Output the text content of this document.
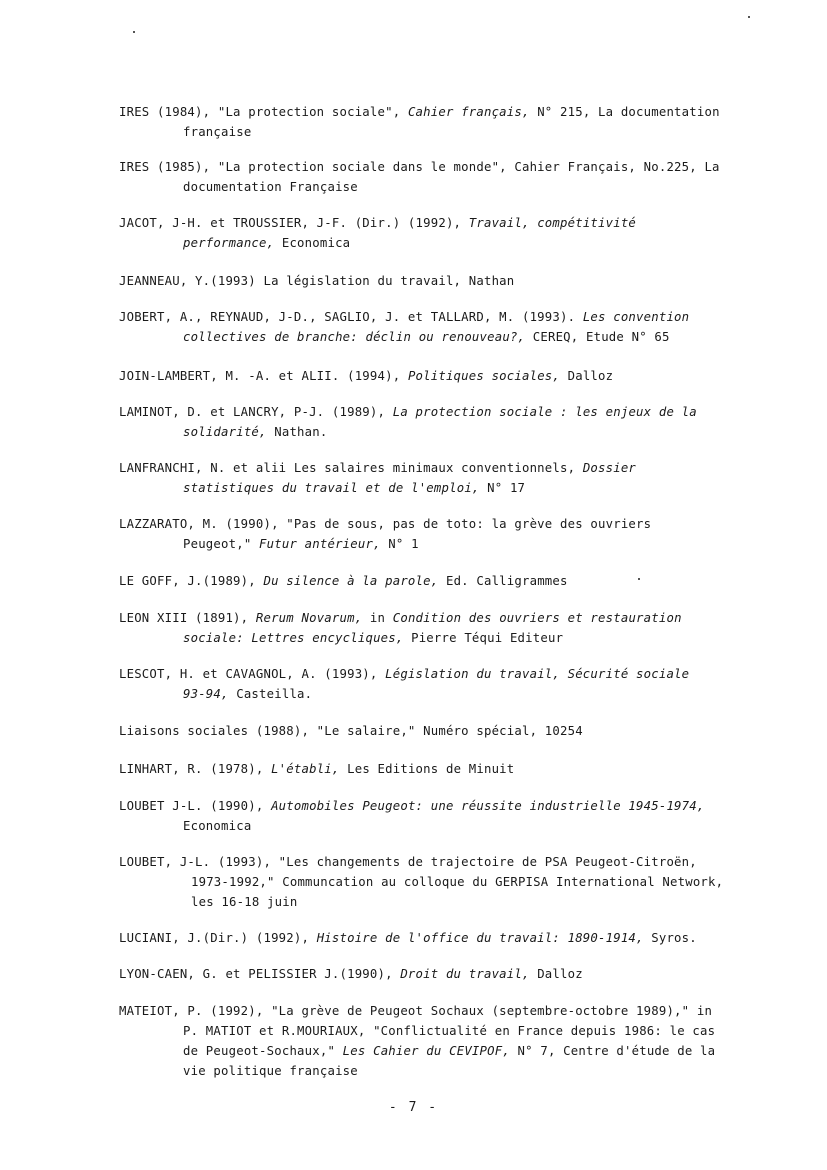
IRES (1984), "La protection sociale", Cahier français, N° 215, La documentation
française
IRES (1985), "La protection sociale dans le monde", Cahier Français, No.225, La
documentation Française
JACOT, J-H. et TROUSSIER, J-F. (Dir.) (1992), Travail, compétitivité
performance, Economica
JEANNEAU, Y.(1993) La législation du travail, Nathan
JOBERT, A., REYNAUD, J-D., SAGLIO, J. et TALLARD, M. (1993). Les convention
collectives de branche: déclin ou renouveau?, CEREQ, Etude N° 65
JOIN-LAMBERT, M. -A. et ALII. (1994), Politiques sociales, Dalloz
LAMINOT, D. et LANCRY, P-J. (1989), La protection sociale : les enjeux de la
solidarité, Nathan.
LANFRANCHI, N. et alii Les salaires minimaux conventionnels, Dossier
statistiques du travail et de l'emploi, N° 17
LAZZARATO, M. (1990), "Pas de sous, pas de toto: la grève des ouvriers
Peugeot," Futur antérieur, N° 1
LE GOFF, J.(1989), Du silence à la parole, Ed. Calligrammes
LEON XIII (1891), Rerum Novarum, in Condition des ouvriers et restauration
sociale: Lettres encycliques, Pierre Téqui Editeur
LESCOT, H. et CAVAGNOL, A. (1993), Législation du travail, Sécurité sociale
93-94, Casteilla.
Liaisons sociales (1988), "Le salaire," Numéro spécial, 10254
LINHART, R. (1978), L'établi, Les Editions de Minuit
LOUBET J-L. (1990), Automobiles Peugeot: une réussite industrielle 1945-1974,
Economica
LOUBET, J-L. (1993), "Les changements de trajectoire de PSA Peugeot-Citroën,
1973-1992," Communcation au colloque du GERPISA International Network,
les 16-18 juin
LUCIANI, J.(Dir.) (1992), Histoire de l'office du travail: 1890-1914, Syros.
LYON-CAEN, G. et PELISSIER J.(1990), Droit du travail, Dalloz
MATEIOT, P. (1992), "La grève de Peugeot Sochaux (septembre-octobre 1989)," in
P. MATIOT et R.MOURIAUX, "Conflictualité en France depuis 1986: le cas
de Peugeot-Sochaux," Les Cahier du CEVIPOF, N° 7, Centre d'étude de la
vie politique française
- 7 -
